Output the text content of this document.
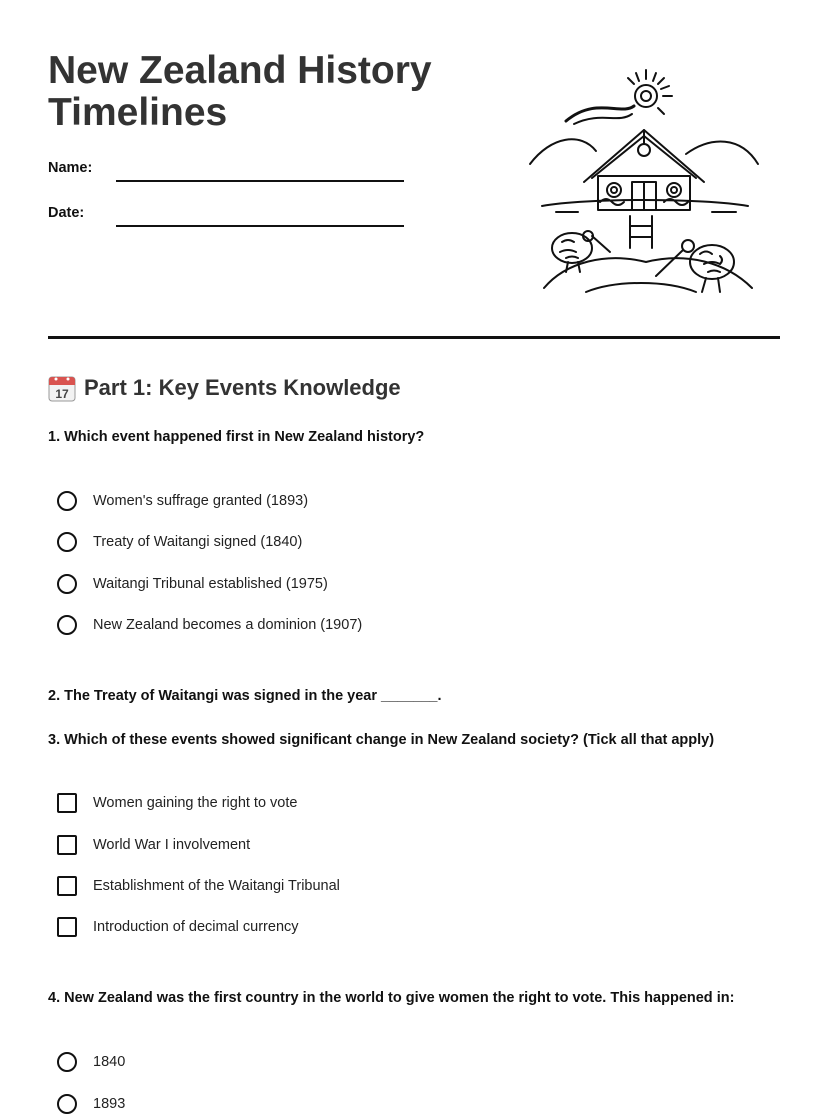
New Zealand History Timelines
Name:
Date:
17 Part 1: Key Events Knowledge

1. Which event happened first in New Zealand history?

Women's suffrage granted (1893)
Treaty of Waitangi signed (1840)
Waitangi Tribunal established (1975)
New Zealand becomes a dominion (1907)

2. The Treaty of Waitangi was signed in the year _______.

3. Which of these events showed significant change in New Zealand society? (Tick all that apply)

Women gaining the right to vote
World War I involvement
Establishment of the Waitangi Tribunal
Introduction of decimal currency

4. New Zealand was the first country in the world to give women the right to vote. This happened in:

1840
1893
